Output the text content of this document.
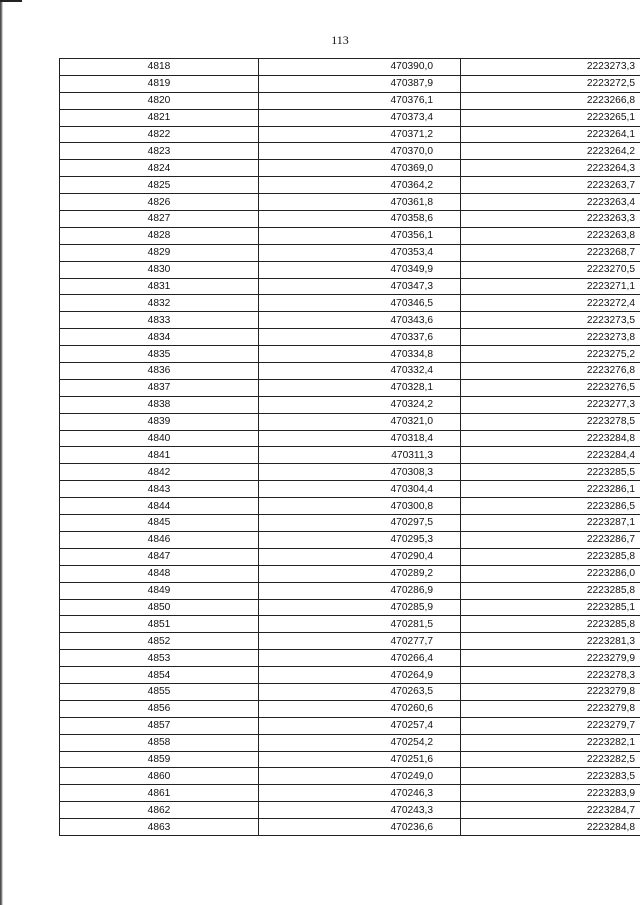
113
4818	470390,0	2223273,3
4819	470387,9	2223272,5
4820	470376,1	2223266,8
4821	470373,4	2223265,1
4822	470371,2	2223264,1
4823	470370,0	2223264,2
4824	470369,0	2223264,3
4825	470364,2	2223263,7
4826	470361,8	2223263,4
4827	470358,6	2223263,3
4828	470356,1	2223263,8
4829	470353,4	2223268,7
4830	470349,9	2223270,5
4831	470347,3	2223271,1
4832	470346,5	2223272,4
4833	470343,6	2223273,5
4834	470337,6	2223273,8
4835	470334,8	2223275,2
4836	470332,4	2223276,8
4837	470328,1	2223276,5
4838	470324,2	2223277,3
4839	470321,0	2223278,5
4840	470318,4	2223284,8
4841	470311,3	2223284,4
4842	470308,3	2223285,5
4843	470304,4	2223286,1
4844	470300,8	2223286,5
4845	470297,5	2223287,1
4846	470295,3	2223286,7
4847	470290,4	2223285,8
4848	470289,2	2223286,0
4849	470286,9	2223285,8
4850	470285,9	2223285,1
4851	470281,5	2223285,8
4852	470277,7	2223281,3
4853	470266,4	2223279,9
4854	470264,9	2223278,3
4855	470263,5	2223279,8
4856	470260,6	2223279,8
4857	470257,4	2223279,7
4858	470254,2	2223282,1
4859	470251,6	2223282,5
4860	470249,0	2223283,5
4861	470246,3	2223283,9
4862	470243,3	2223284,7
4863	470236,6	2223284,8
